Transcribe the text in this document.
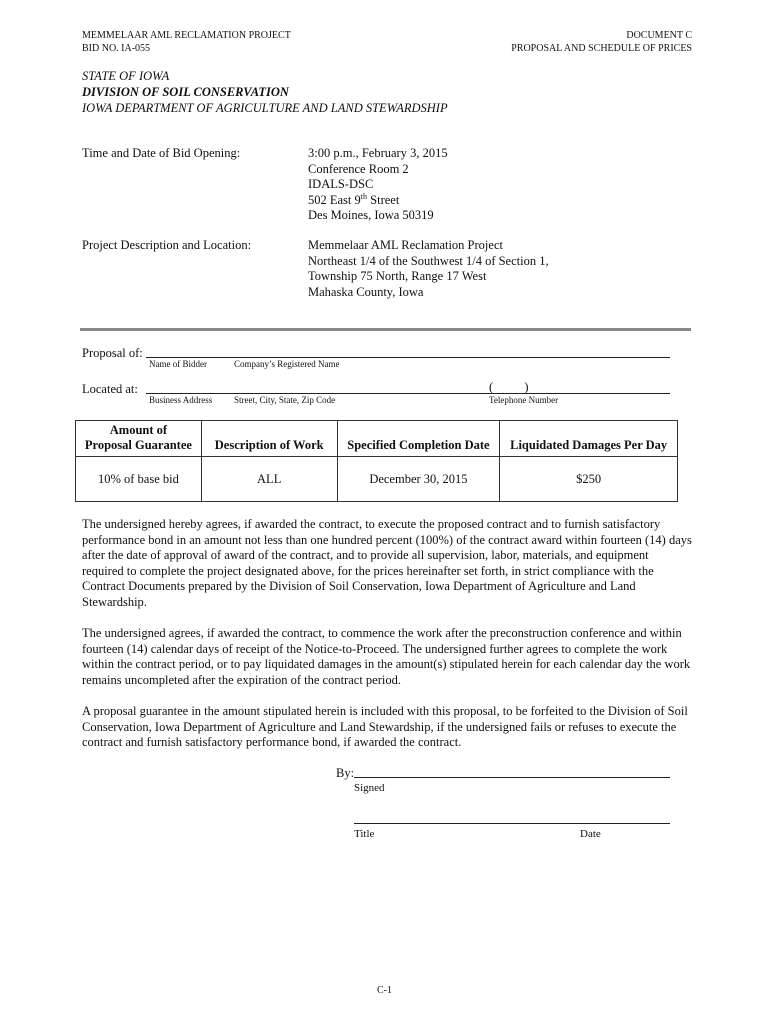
MEMMELAAR AML RECLAMATION PROJECT
BID NO. IA-055
DOCUMENT C
PROPOSAL AND SCHEDULE OF PRICES
STATE OF IOWA
DIVISION OF SOIL CONSERVATION
IOWA DEPARTMENT OF AGRICULTURE AND LAND STEWARDSHIP
Time and Date of Bid Opening:	3:00 p.m., February 3, 2015
Conference Room 2
IDALS-DSC
502 East 9th Street
Des Moines, Iowa 50319
Project Description and Location:	Memmelaar AML Reclamation Project
Northeast 1/4 of the Southwest 1/4 of Section 1,
Township 75 North, Range 17 West
Mahaska County, Iowa
Proposal of:
Name of Bidder	Company’s Registered Name
Located at:	(          )
Business Address Street, City, State, Zip Code	Telephone Number
Amount of
Proposal Guarantee	Description of Work	Specified Completion Date	Liquidated Damages Per Day
10% of base bid	ALL	December 30, 2015	$250

The undersigned hereby agrees, if awarded the contract, to execute the proposed contract and to furnish satisfactory performance bond in an amount not less than one hundred percent (100%) of the contract award within fourteen (14) days after the date of approval of award of the contract, and to provide all supervision, labor, materials, and equipment required to complete the project designated above, for the prices hereinafter set forth, in strict compliance with the Contract Documents prepared by the Division of Soil Conservation, Iowa Department of Agriculture and Land Stewardship.

The undersigned agrees, if awarded the contract, to commence the work after the preconstruction conference and within fourteen (14) calendar days of receipt of the Notice-to-Proceed. The undersigned further agrees to complete the work within the contract period, or to pay liquidated damages in the amount(s) stipulated herein for each calendar day the work remains uncompleted after the expiration of the contract period.

A proposal guarantee in the amount stipulated herein is included with this proposal, to be forfeited to the Division of Soil Conservation, Iowa Department of Agriculture and Land Stewardship, if the undersigned fails or refuses to execute the contract and furnish satisfactory performance bond, if awarded the contract.

By:
Signed
Title	Date
C-1
